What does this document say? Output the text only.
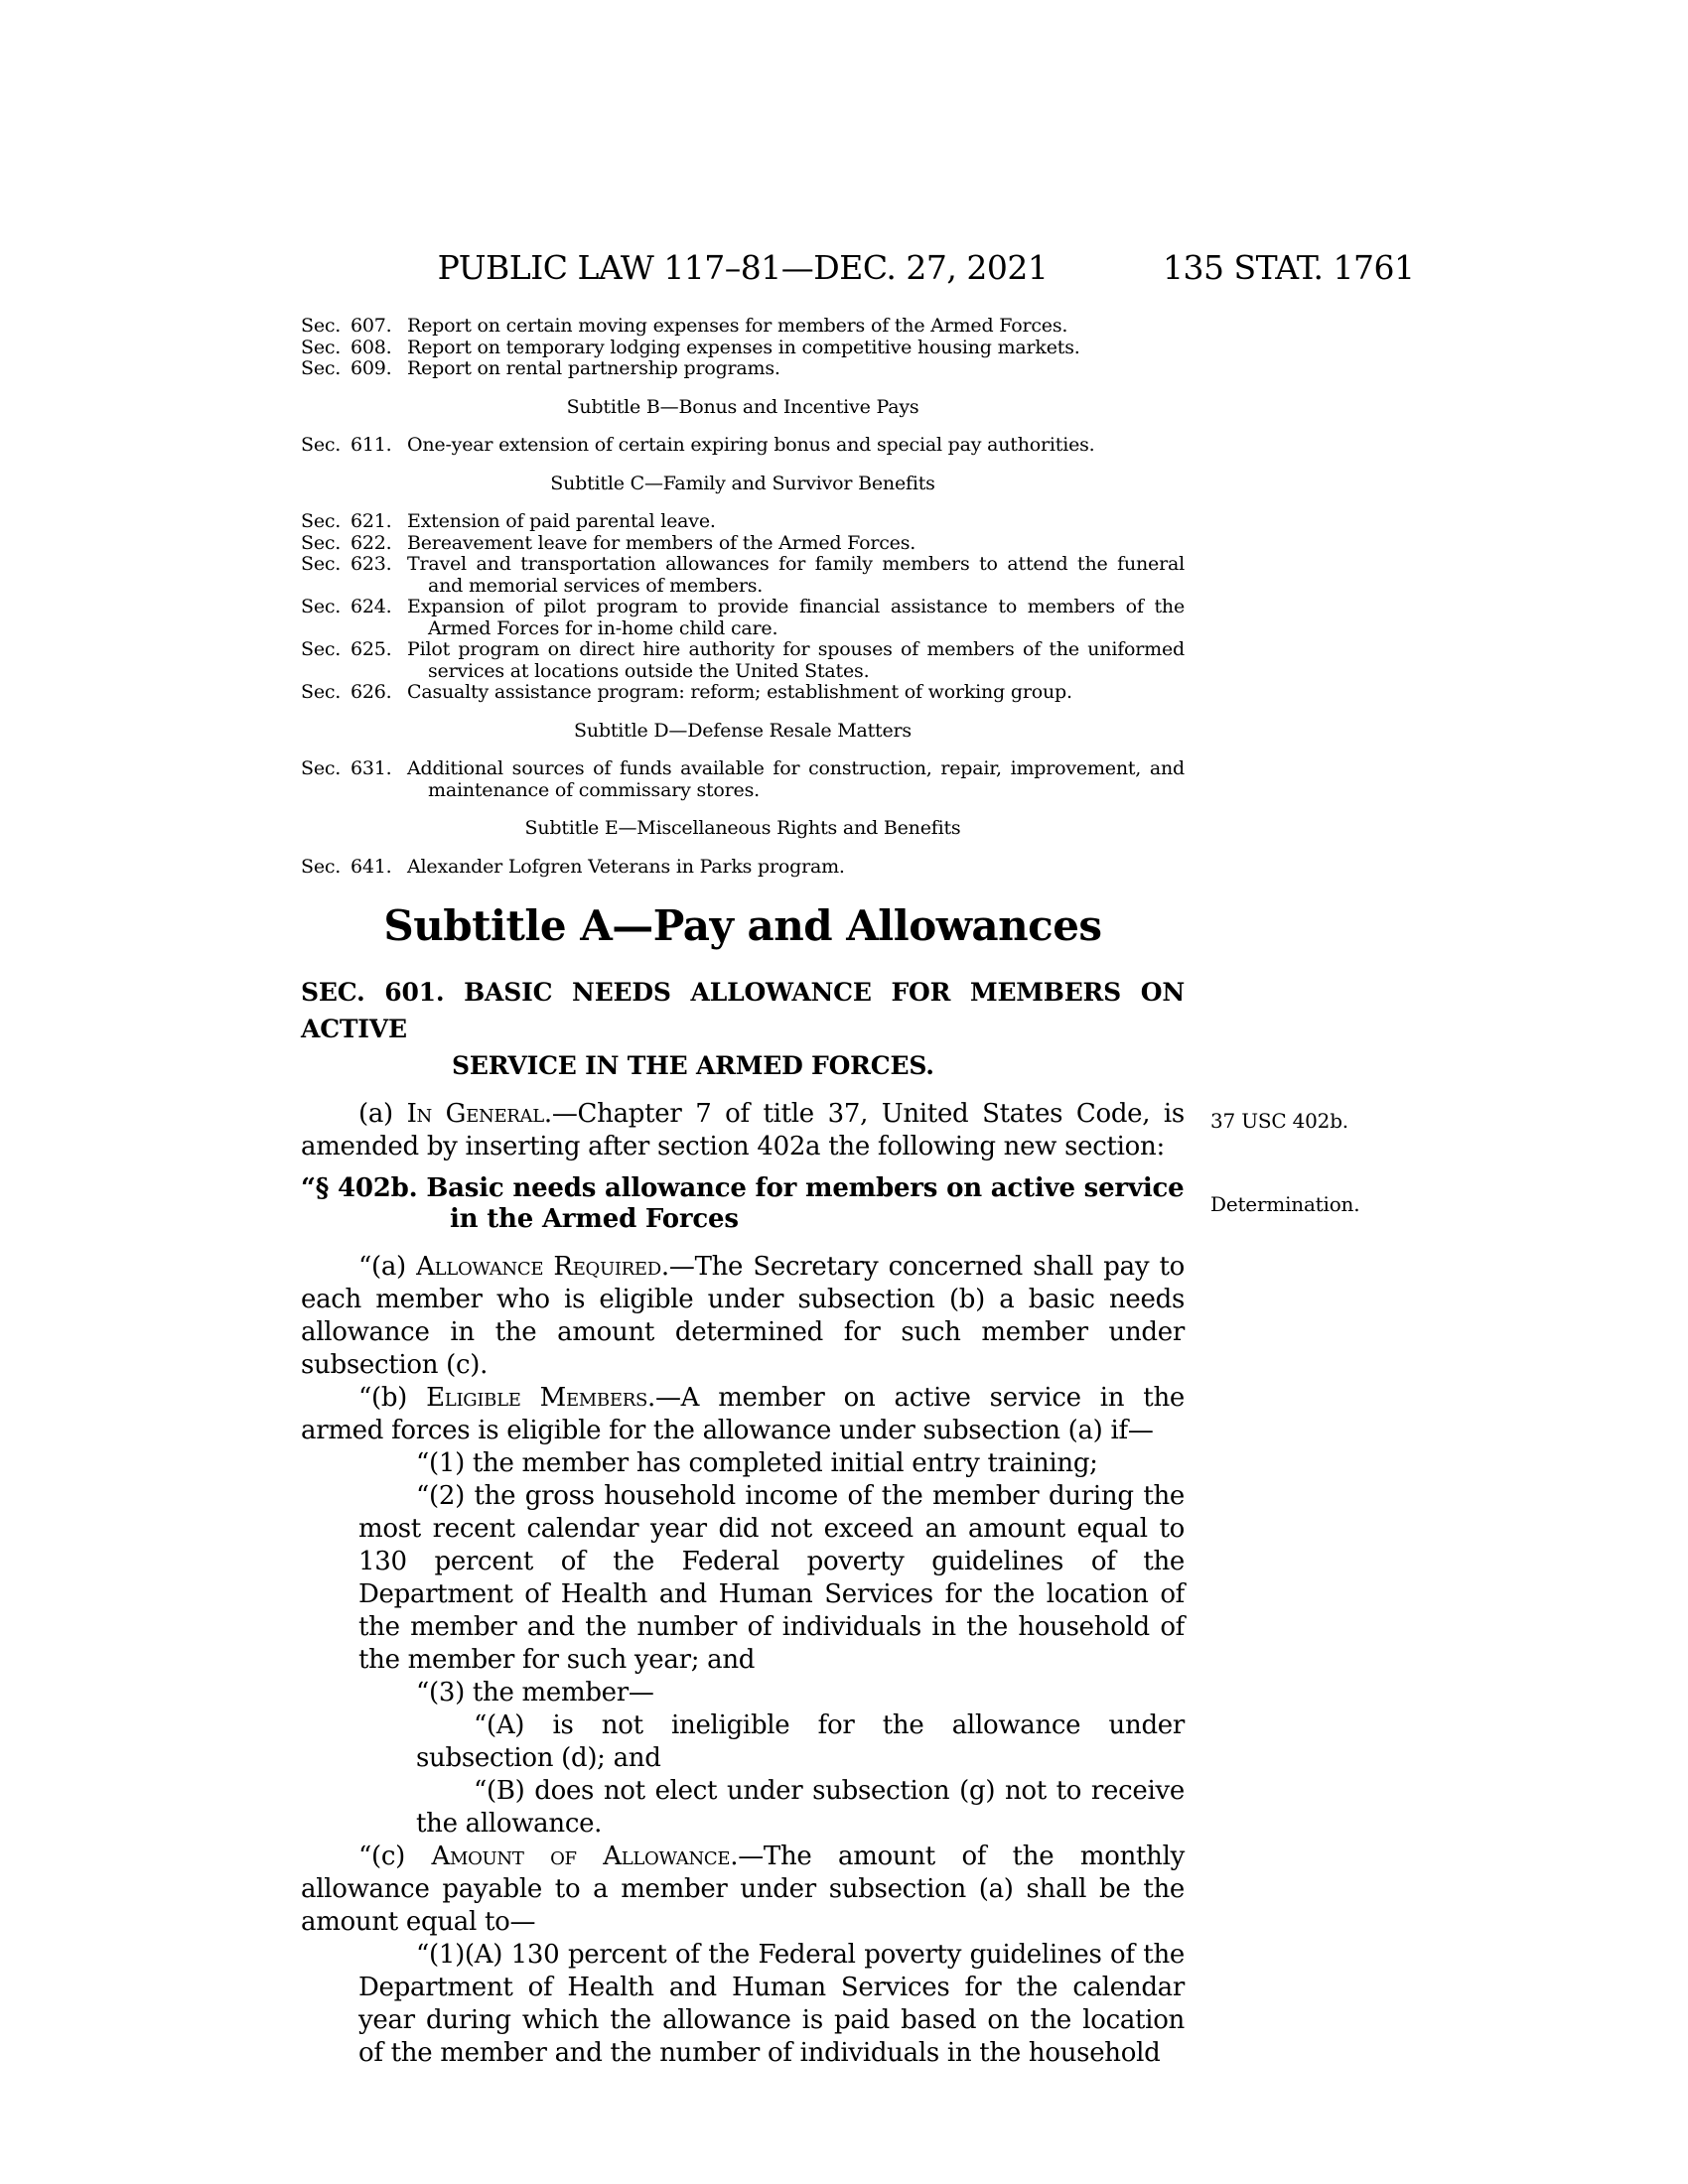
PUBLIC LAW 117–81—DEC. 27, 2021	135 STAT. 1761
Sec. 607. Report on certain moving expenses for members of the Armed Forces.
Sec. 608. Report on temporary lodging expenses in competitive housing markets.
Sec. 609. Report on rental partnership programs.
Subtitle B—Bonus and Incentive Pays
Sec. 611. One-year extension of certain expiring bonus and special pay authorities.
Subtitle C—Family and Survivor Benefits
Sec. 621. Extension of paid parental leave.
Sec. 622. Bereavement leave for members of the Armed Forces.
Sec. 623. Travel and transportation allowances for family members to attend the funeral and memorial services of members.
Sec. 624. Expansion of pilot program to provide financial assistance to members of the Armed Forces for in-home child care.
Sec. 625. Pilot program on direct hire authority for spouses of members of the uniformed services at locations outside the United States.
Sec. 626. Casualty assistance program: reform; establishment of working group.
Subtitle D—Defense Resale Matters
Sec. 631. Additional sources of funds available for construction, repair, improvement, and maintenance of commissary stores.
Subtitle E—Miscellaneous Rights and Benefits
Sec. 641. Alexander Lofgren Veterans in Parks program.
Subtitle A—Pay and Allowances
SEC. 601. BASIC NEEDS ALLOWANCE FOR MEMBERS ON ACTIVE
SERVICE IN THE ARMED FORCES.

(a) In General.—Chapter 7 of title 37, United States Code, is amended by inserting after section 402a the following new section:

“§ 402b. Basic needs allowance for members on active service
in the Armed Forces
37 USC 402b.
Determination.

“(a) Allowance Required.—The Secretary concerned shall pay to each member who is eligible under subsection (b) a basic needs allowance in the amount determined for such member under subsection (c).

“(b) Eligible Members.—A member on active service in the armed forces is eligible for the allowance under subsection (a) if—

“(1) the member has completed initial entry training;

“(2) the gross household income of the member during the most recent calendar year did not exceed an amount equal to 130 percent of the Federal poverty guidelines of the Department of Health and Human Services for the location of the member and the number of individuals in the household of the member for such year; and

“(3) the member—

“(A) is not ineligible for the allowance under subsection (d); and

“(B) does not elect under subsection (g) not to receive the allowance.

“(c) Amount of Allowance.—The amount of the monthly allowance payable to a member under subsection (a) shall be the amount equal to—

“(1)(A) 130 percent of the Federal poverty guidelines of the Department of Health and Human Services for the calendar year during which the allowance is paid based on the location of the member and the number of individuals in the household
